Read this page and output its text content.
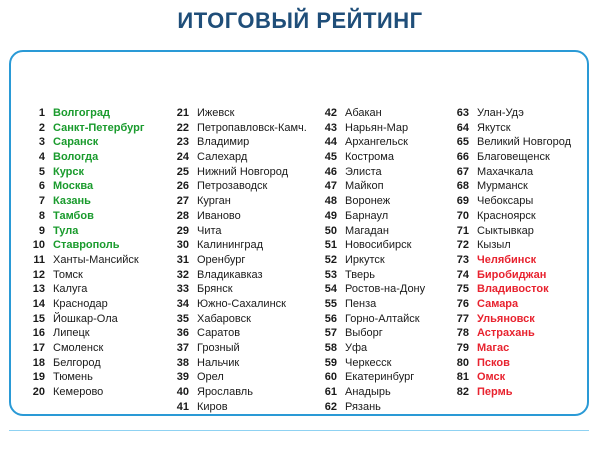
ИТОГОВЫЙ РЕЙТИНГ
1 Волгоград
2 Санкт-Петербург
3 Саранск
4 Вологда
5 Курск
6 Москва
7 Казань
8 Тамбов
9 Тула
10 Ставрополь
11 Ханты-Мансийск
12 Томск
13 Калуга
14 Краснодар
15 Йошкар-Ола
16 Липецк
17 Смоленск
18 Белгород
19 Тюмень
20 Кемерово
21 Ижевск
22 Петропавловск-Камч.
23 Владимир
24 Салехард
25 Нижний Новгород
26 Петрозаводск
27 Курган
28 Иваново
29 Чита
30 Калининград
31 Оренбург
32 Владикавказ
33 Брянск
34 Южно-Сахалинск
35 Хабаровск
36 Саратов
37 Грозный
38 Нальчик
39 Орел
40 Ярославль
41 Киров
42 Абакан
43 Нарьян-Мар
44 Архангельск
45 Кострома
46 Элиста
47 Майкоп
48 Воронеж
49 Барнаул
50 Магадан
51 Новосибирск
52 Иркутск
53 Тверь
54 Ростов-на-Дону
55 Пенза
56 Горно-Алтайск
57 Выборг
58 Уфа
59 Черкесск
60 Екатеринбург
61 Анадырь
62 Рязань
63 Улан-Удэ
64 Якутск
65 Великий Новгород
66 Благовещенск
67 Махачкала
68 Мурманск
69 Чебоксары
70 Красноярск
71 Сыктывкар
72 Кызыл
73 Челябинск
74 Биробиджан
75 Владивосток
76 Самара
77 Ульяновск
78 Астрахань
79 Магас
80 Псков
81 Омск
82 Пермь
